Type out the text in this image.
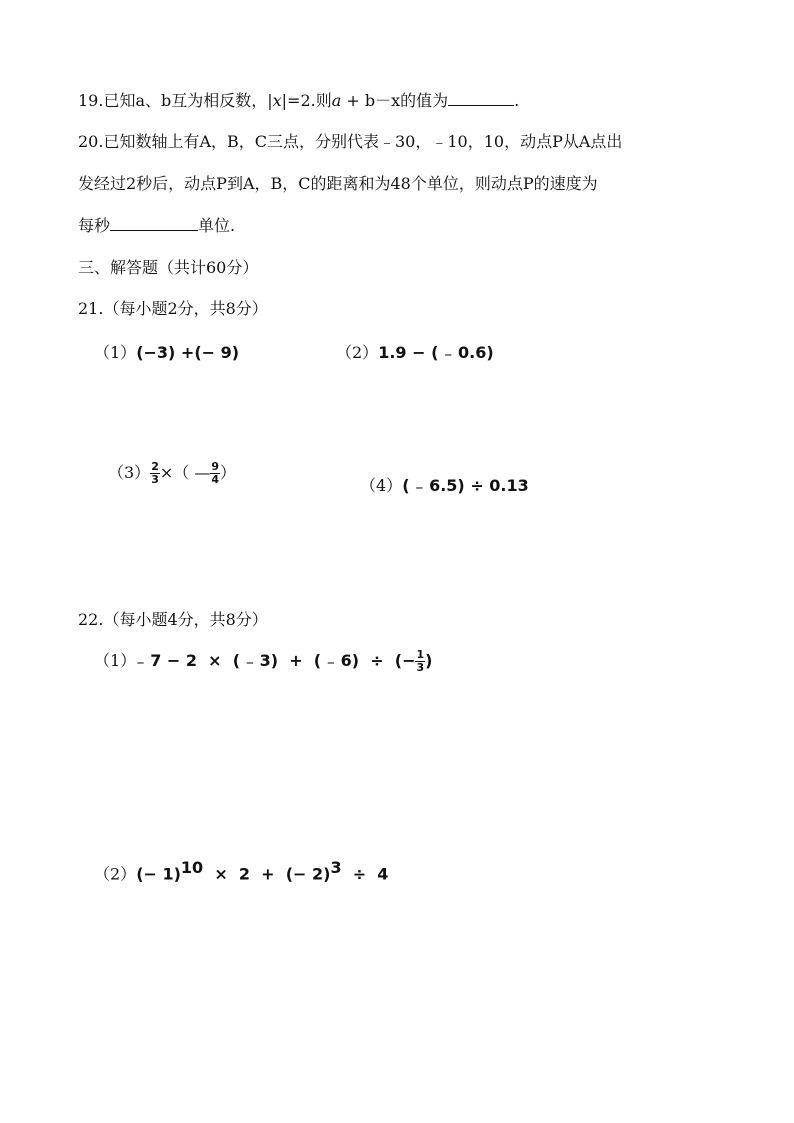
19.已知a、b互为相反数，|x|=2.则a + b－x的值为	.
20.已知数轴上有A，B，C三点，分别代表﹣30，﹣10，10，动点P从A点出
发经过2秒后，动点P到A，B，C的距离和为48个单位，则动点P的速度为
每秒	单位.
三、解答题（共计60分）
21.（每小题2分，共8分）
（1）(−3) +(− 9)	（2）1.9 − ( ₋ 0.6)
$(3) \frac{2}{3}$ ×（ — $\frac{9}{4}$ ）
（4）( ₋ 6.5) ÷ 0.13
22.（每小题4分，共8分）
（1）₋ 7 − 2  ×  ( ₋ 3)  +  ( ₋ 6)  ÷  (− $\frac{1}{3}$ )
$(2)(- 1)^{10} \times 2$  +  (− 2)$^3$  ÷  4
